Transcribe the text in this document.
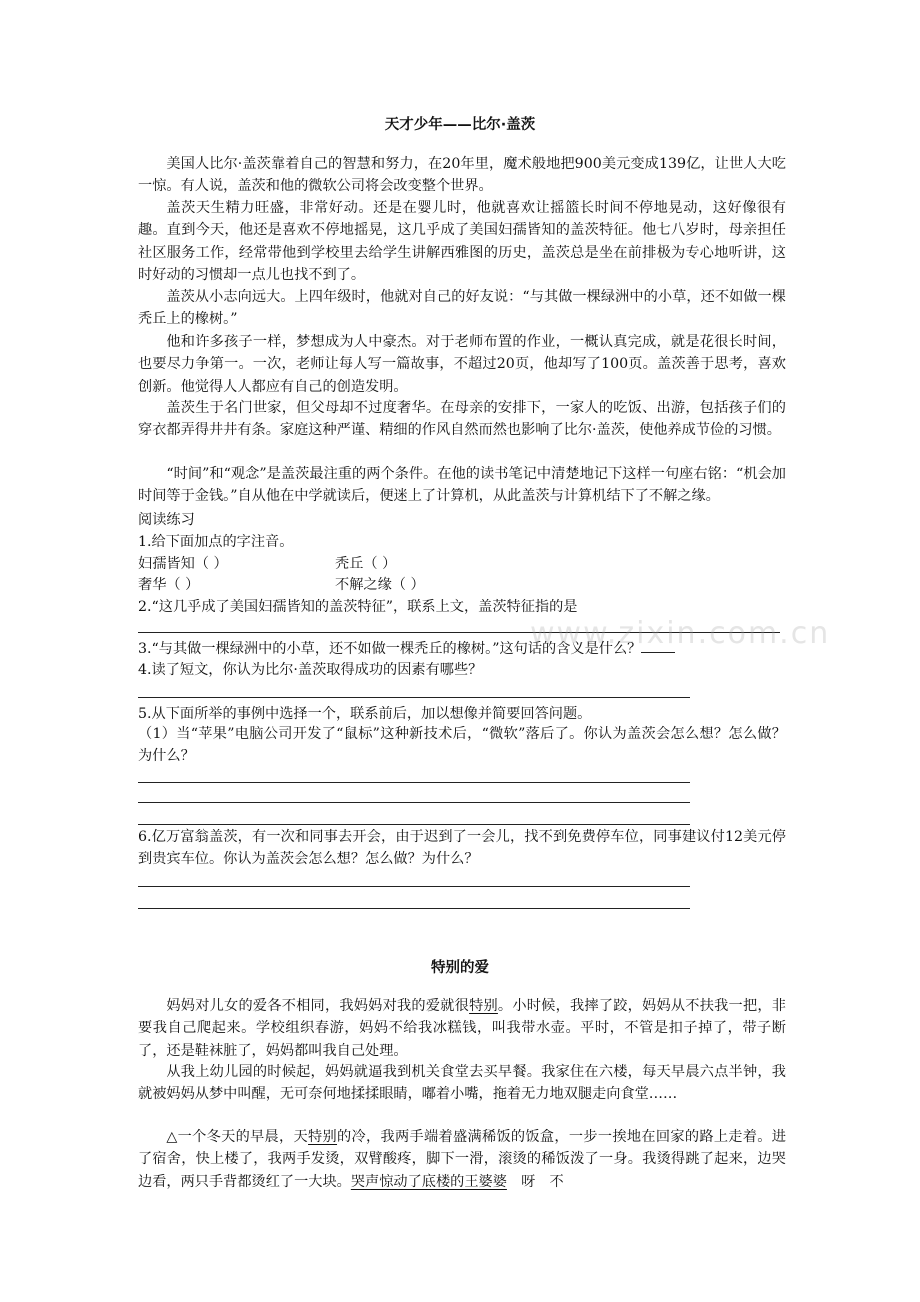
天才少年——比尔·盖茨

美国人比尔·盖茨靠着自己的智慧和努力，在20年里，魔术般地把900美元变成139亿，让世人大吃一惊。有人说，盖茨和他的微软公司将会改变整个世界。

盖茨天生精力旺盛，非常好动。还是在婴儿时，他就喜欢让摇篮长时间不停地晃动，这好像很有趣。直到今天，他还是喜欢不停地摇晃，这几乎成了美国妇孺皆知的盖茨特征。他七八岁时，母亲担任社区服务工作，经常带他到学校里去给学生讲解西雅图的历史，盖茨总是坐在前排极为专心地听讲，这时好动的习惯却一点儿也找不到了。

盖茨从小志向远大。上四年级时，他就对自己的好友说：“与其做一棵绿洲中的小草，还不如做一棵秃丘上的橡树。”

他和许多孩子一样，梦想成为人中豪杰。对于老师布置的作业，一概认真完成，就是花很长时间，也要尽力争第一。一次，老师让每人写一篇故事，不超过20页，他却写了100页。盖茨善于思考，喜欢创新。他觉得人人都应有自己的创造发明。

盖茨生于名门世家，但父母却不过度奢华。在母亲的安排下，一家人的吃饭、出游，包括孩子们的穿衣都弄得井井有条。家庭这种严谨、精细的作风自然而然也影响了比尔·盖茨，使他养成节俭的习惯。

“时间”和“观念”是盖茨最注重的两个条件。在他的读书笔记中清楚地记下这样一句座右铭：“机会加时间等于金钱。”自从他在中学就读后，便迷上了计算机，从此盖茨与计算机结下了不解之缘。

阅读练习
1.给下面加点的字注音。
妇孺皆知（ ）	秃丘（ ）
奢华（ ）	不解之缘（ ）
2.“这几乎成了美国妇孺皆知的盖茨特征”，联系上文，盖茨特征指的是
3.“与其做一棵绿洲中的小草，还不如做一棵秃丘的橡树。”这句话的含义是什么？
4.读了短文，你认为比尔·盖茨取得成功的因素有哪些？
5.从下面所举的事例中选择一个，联系前后，加以想像并简要回答问题。

（1）当“苹果”电脑公司开发了“鼠标”这种新技术后，“微软”落后了。你认为盖茨会怎么想？怎么做？为什么？

6.亿万富翁盖茨，有一次和同事去开会，由于迟到了一会儿，找不到免费停车位，同事建议付12美元停到贵宾车位。你认为盖茨会怎么想？怎么做？为什么？

特别的爱

妈妈对儿女的爱各不相同，我妈妈对我的爱就很特别。小时候，我摔了跤，妈妈从不扶我一把，非要我自己爬起来。学校组织春游，妈妈不给我冰糕钱，叫我带水壶。平时，不管是扣子掉了，带子断了，还是鞋袜脏了，妈妈都叫我自己处理。

从我上幼儿园的时候起，妈妈就逼我到机关食堂去买早餐。我家住在六楼，每天早晨六点半钟，我就被妈妈从梦中叫醒，无可奈何地揉揉眼睛，嘟着小嘴，拖着无力地双腿走向食堂……

△一个冬天的早晨，天特别的冷，我两手端着盛满稀饭的饭盒，一步一挨地在回家的路上走着。进了宿舍，快上楼了，我两手发烫，双臂酸疼，脚下一滑，滚烫的稀饭泼了一身。我烫得跳了起来，边哭边看，两只手背都烫红了一大块。哭声惊动了底楼的王婆婆　呀　不

www.zixin.com.cn
